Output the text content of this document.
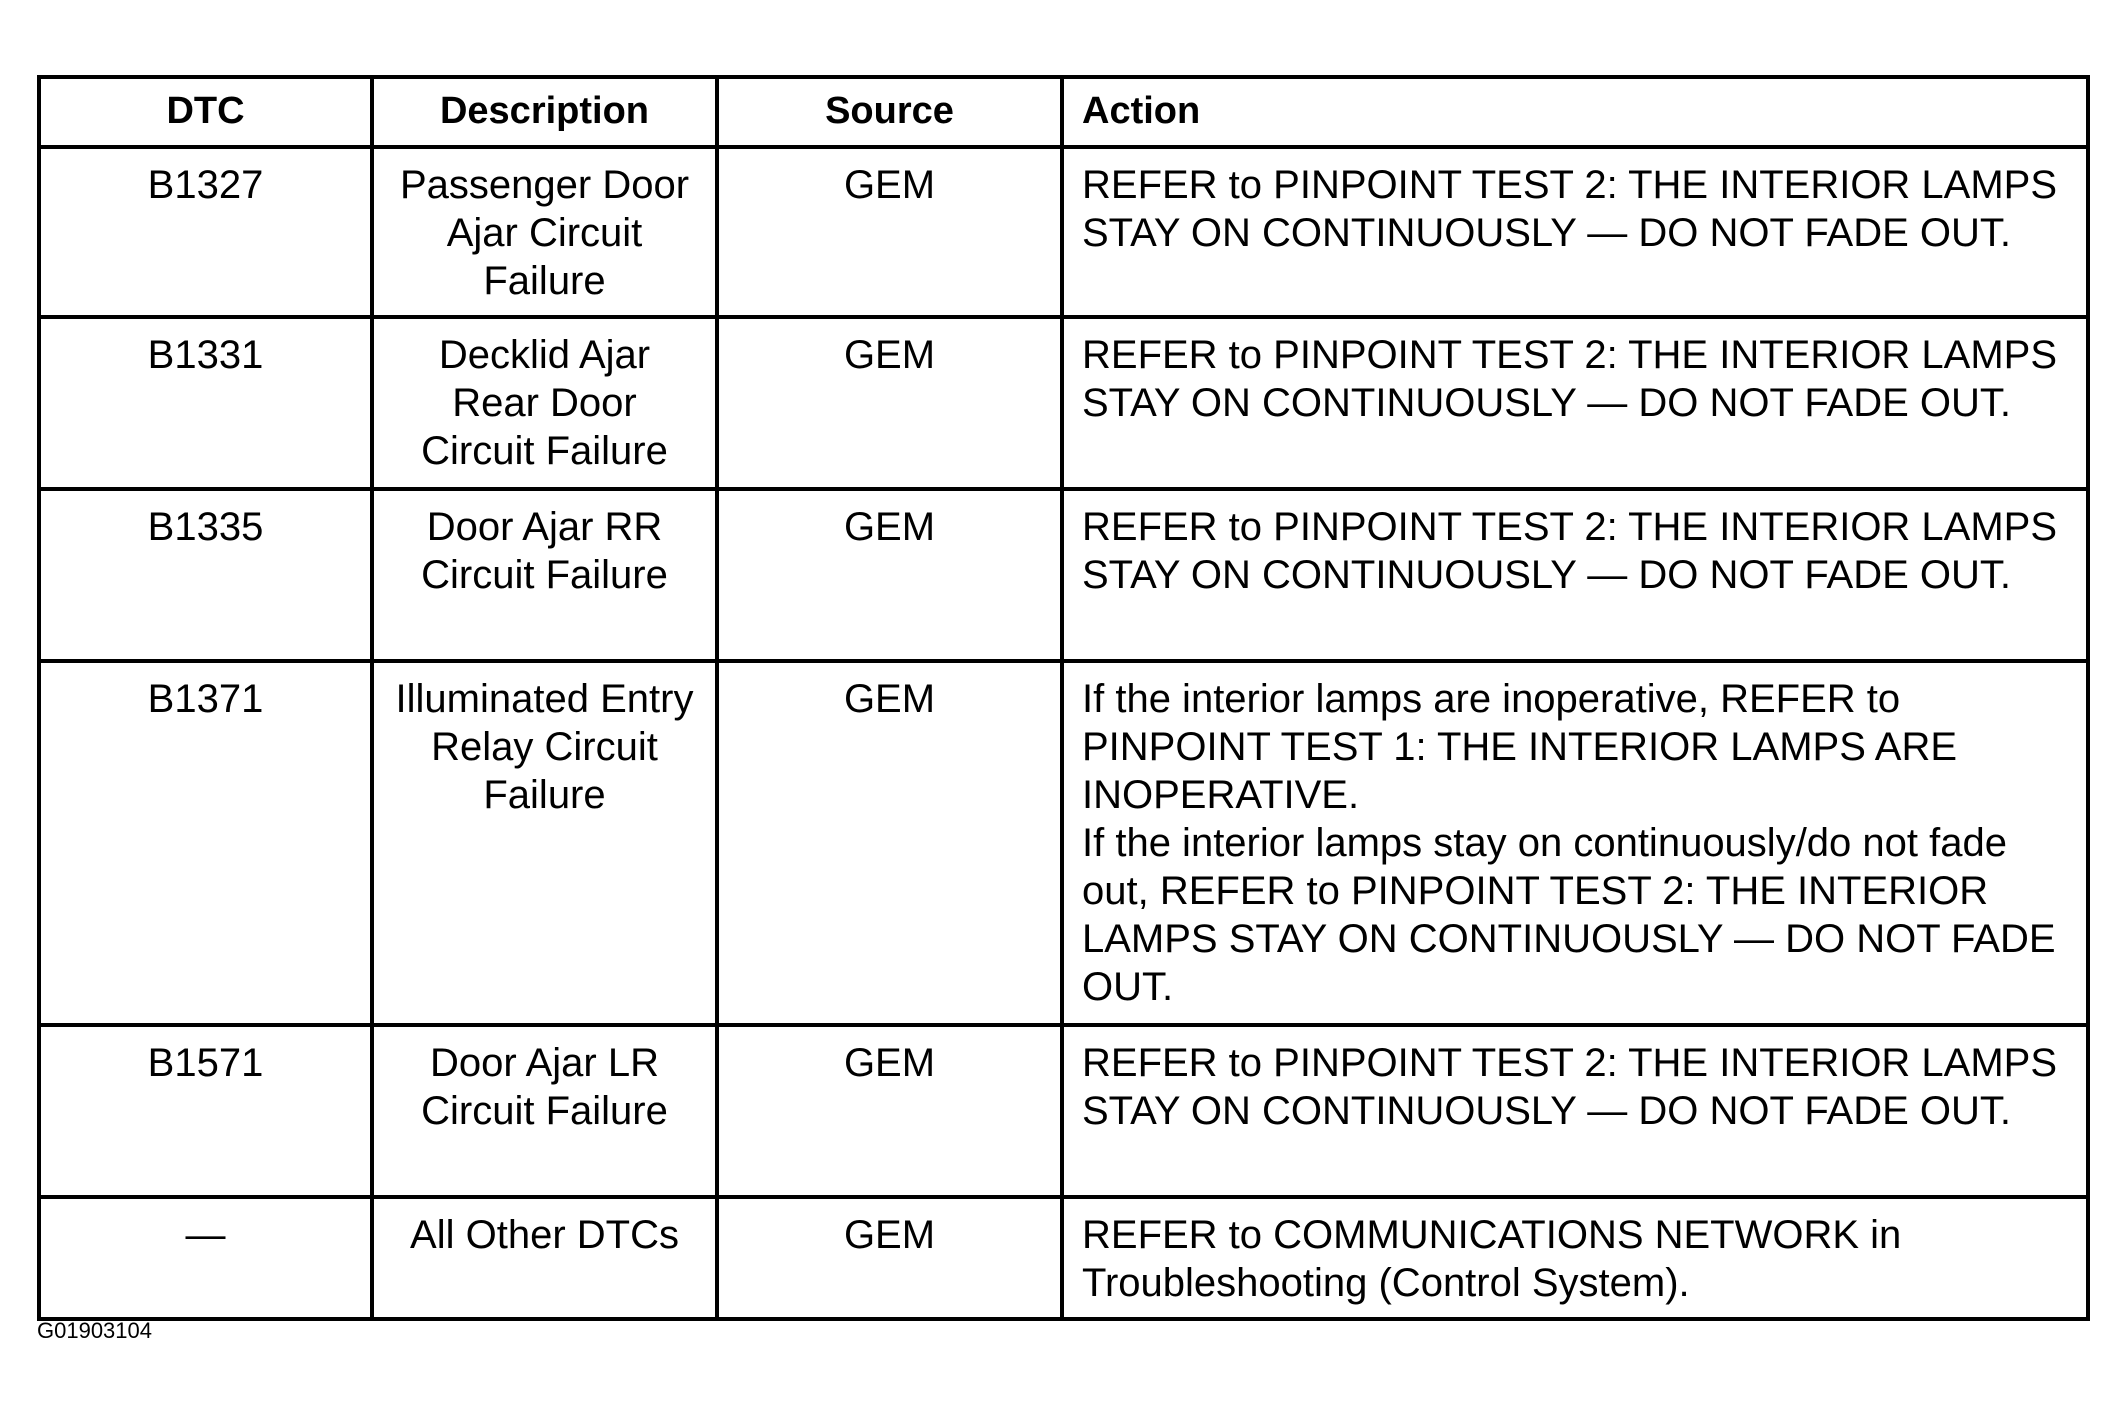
DTC	Description	Source	Action
B1327	Passenger Door Ajar Circuit Failure	GEM	REFER to PINPOINT TEST 2: THE INTERIOR LAMPS STAY ON CONTINUOUSLY — DO NOT FADE OUT.

B1331	Decklid Ajar Rear Door Circuit Failure	GEM	REFER to PINPOINT TEST 2: THE INTERIOR LAMPS STAY ON CONTINUOUSLY — DO NOT FADE OUT.

B1335	Door Ajar RR Circuit Failure	GEM	REFER to PINPOINT TEST 2: THE INTERIOR LAMPS STAY ON CONTINUOUSLY — DO NOT FADE OUT.

B1371	Illuminated Entry Relay Circuit Failure	GEM	If the interior lamps are inoperative, REFER to PINPOINT TEST 1: THE INTERIOR LAMPS ARE INOPERATIVE.
If the interior lamps stay on continuously/do not fade out, REFER to PINPOINT TEST 2: THE INTERIOR LAMPS STAY ON CONTINUOUSLY — DO NOT FADE OUT.

B1571	Door Ajar LR Circuit Failure	GEM	REFER to PINPOINT TEST 2: THE INTERIOR LAMPS STAY ON CONTINUOUSLY — DO NOT FADE OUT.

—	All Other DTCs	GEM	REFER to COMMUNICATIONS NETWORK in Troubleshooting (Control System).
G01903104
